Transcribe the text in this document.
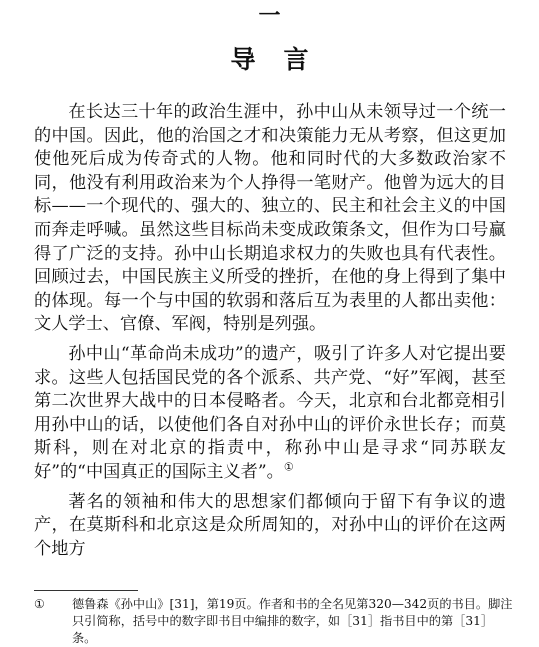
一
导言

在长达三十年的政治生涯中，孙中山从未领导过一个统一的中国。因此，他的治国之才和决策能力无从考察，但这更加使他死后成为传奇式的人物。他和同时代的大多数政治家不同，他没有利用政治来为个人挣得一笔财产。他曾为远大的目标——一个现代的、强大的、独立的、民主和社会主义的中国而奔走呼喊。虽然这些目标尚未变成政策条文，但作为口号赢得了广泛的支持。孙中山长期追求权力的失败也具有代表性。回顾过去，中国民族主义所受的挫折，在他的身上得到了集中的体现。每一个与中国的软弱和落后互为表里的人都出卖他：文人学士、官僚、军阀，特别是列强。

孙中山“革命尚未成功”的遗产，吸引了许多人对它提出要求。这些人包括国民党的各个派系、共产党、“好”军阀，甚至第二次世界大战中的日本侵略者。今天，北京和台北都竞相引用孙中山的话，以使他们各自对孙中山的评价永世长存；而莫斯科，则在对北京的指责中，称孙中山是寻求“同苏联友好”的“中国真正的国际主义者”。①

著名的领袖和伟大的思想家们都倾向于留下有争议的遗产，在莫斯科和北京这是众所周知的，对孙中山的评价在这两个地方

①	德鲁森《孙中山》[31]，第19页。作者和书的全名见第320—342页的书目。脚注只引简称，括号中的数字即书目中编排的数字，如［31］指书目中的第［31］条。
